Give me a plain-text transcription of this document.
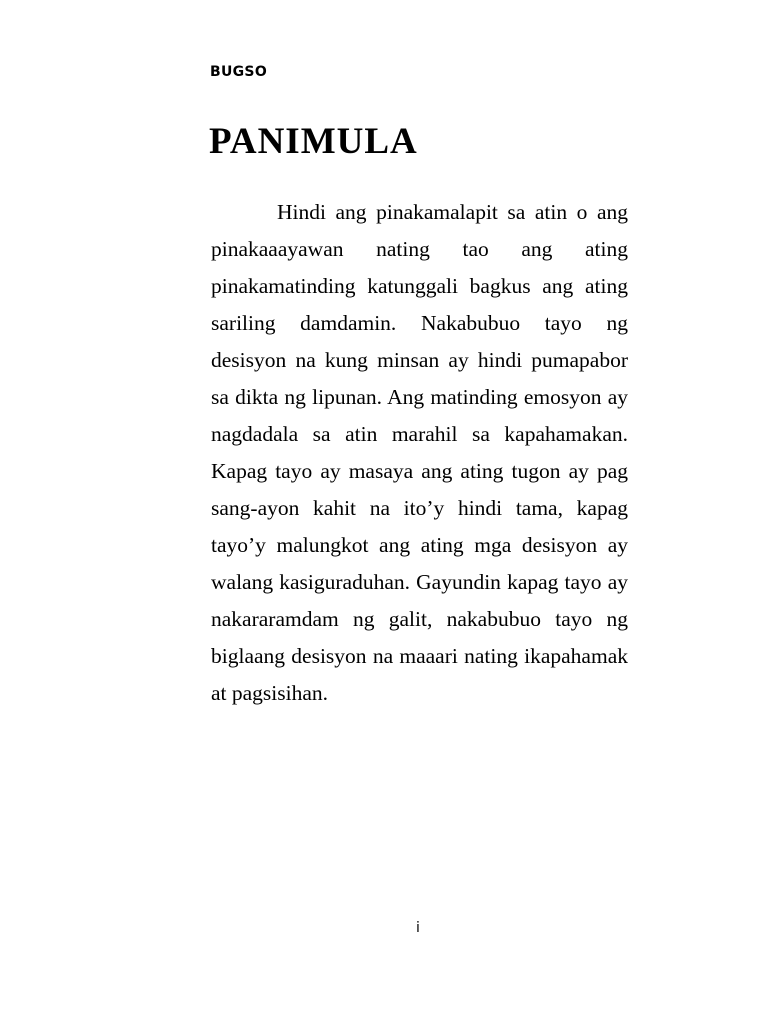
BUGSO
PANIMULA

Hindi ang pinakamalapit sa atin o ang pinakaaayawan nating tao ang ating pinakamatinding katunggali bagkus ang ating sariling damdamin. Nakabubuo tayo ng desisyon na kung minsan ay hindi pumapabor sa dikta ng lipunan. Ang matinding emosyon ay nagdadala sa atin marahil sa kapahamakan. Kapag tayo ay masaya ang ating tugon ay pag sang-ayon kahit na ito’y hindi tama, kapag tayo’y malungkot ang ating mga desisyon ay walang kasiguraduhan. Gayundin kapag tayo ay nakararamdam ng galit, nakabubuo tayo ng biglaang desisyon na maaari nating ikapahamak at pagsisihan.

i
